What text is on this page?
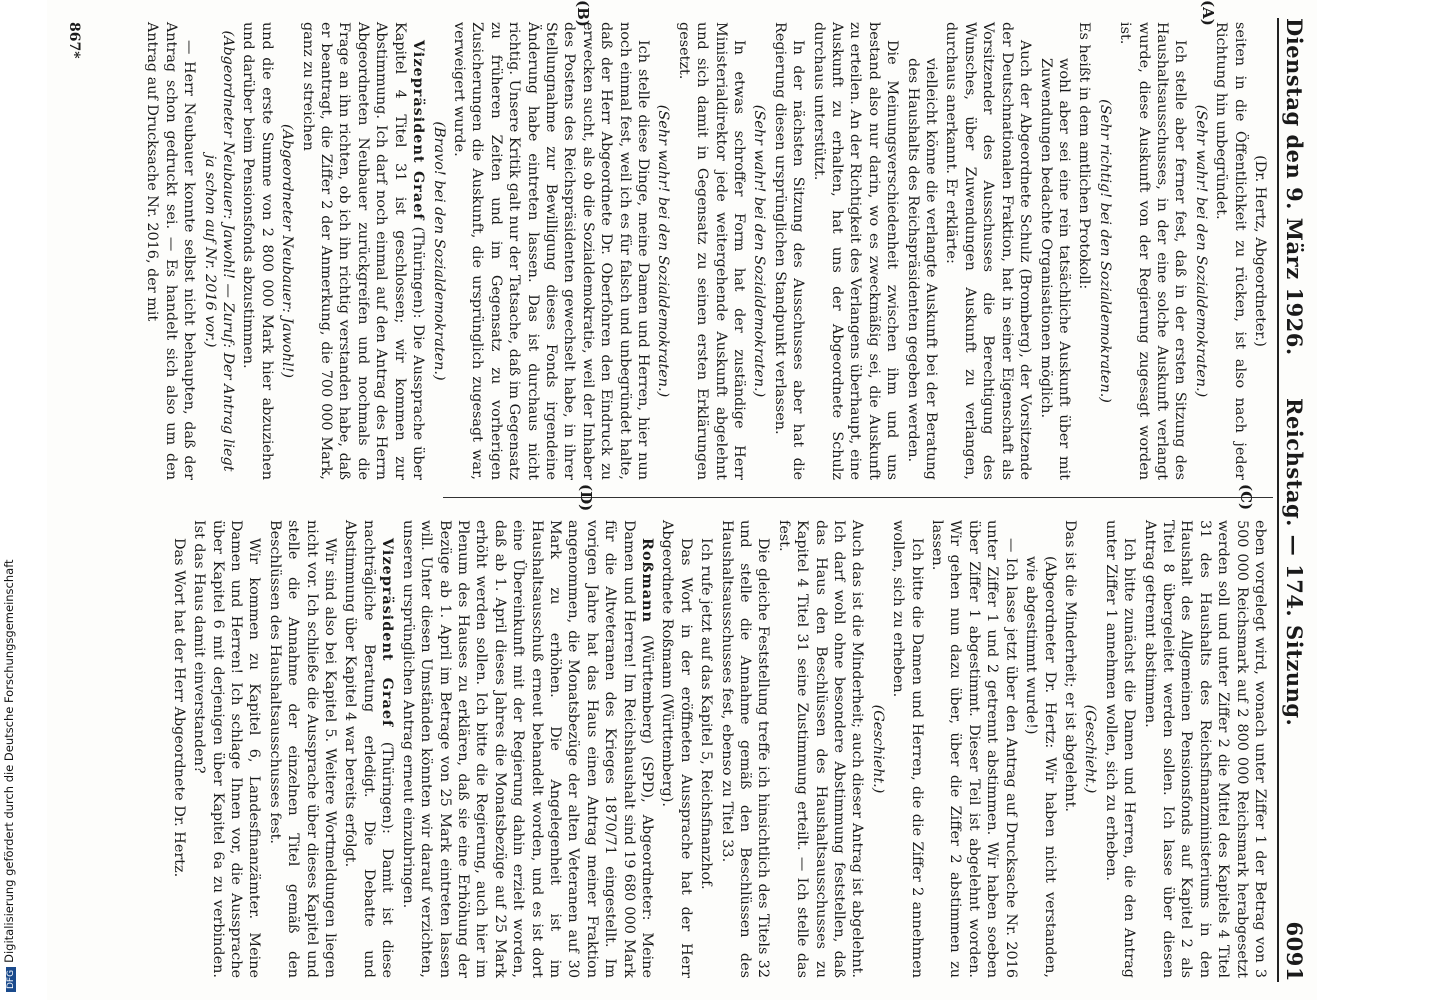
DFGDigitalisierung gefördert durch die Deutsche Forschungsgemeinschaft
Dienstag den 9. März 1926.
Reichstag. — 174. Sitzung.
6091
(C)
(A)
(D)
(B)

(Dr. Hertz, Abgeordneter.)

seiten in die Öffentlichkeit zu rücken, ist also nach jeder Richtung hin unbegründet.

(Sehr wahr! bei den Sozialdemokraten.)

Ich stelle aber ferner fest, daß in der ersten Sitzung des Haushaltsausschusses, in der eine solche Auskunft verlangt wurde, diese Auskunft von der Regierung zugesagt worden ist.

(Sehr richtig! bei den Sozialdemokraten.)

Es heißt in dem amtlichen Protokoll:

wohl aber sei eine rein tatsächliche Auskunft über mit Zuwendungen bedachte Organisationen möglich.

Auch der Abgeordnete Schulz (Bromberg), der Vorsitzende der Deutschnationalen Fraktion, hat in seiner Eigenschaft als Vorsitzender des Ausschusses die Berechtigung des Wunsches, über Zuwendungen Auskunft zu verlangen, durchaus anerkannt. Er erklärte:

vielleicht könne die verlangte Auskunft bei der Beratung des Haushalts des Reichspräsidenten gegeben werden.

Die Meinungsverschiedenheit zwischen ihm und uns bestand also nur darin, wo es zweckmäßig sei, die Auskunft zu erteilen. An der Richtigkeit des Verlangens überhaupt, eine Auskunft zu erhalten, hat uns der Abgeordnete Schulz durchaus unterstützt.

In der nächsten Sitzung des Ausschusses aber hat die Regierung diesen ursprünglichen Standpunkt verlassen.

(Sehr wahr! bei den Sozialdemokraten.)

In etwas schroffer Form hat der zuständige Herr Ministerialdirektor jede weitergehende Auskunft abgelehnt und sich damit in Gegensatz zu seinen ersten Erklärungen gesetzt.

(Sehr wahr! bei den Sozialdemokraten.)

Ich stelle diese Dinge, meine Damen und Herren, hier nun noch einmal fest, weil ich es für falsch und unbegründet halte, daß der Herr Abgeordnete Dr. Oberfohren den Eindruck zu erwecken sucht, als ob die Sozialdemokratie, weil der Inhaber des Postens des Reichspräsidenten gewechselt habe, in ihrer Stellungnahme zur Bewilligung dieses Fonds irgendeine Änderung habe eintreten lassen. Das ist durchaus nicht richtig. Unsere Kritik galt nur der Tatsache, daß im Gegensatz zu früheren Zeiten und im Gegensatz zu vorherigen Zusicherungen die Auskunft, die ursprünglich zugesagt war, verweigert wurde.

(Bravo! bei den Sozialdemokraten.)

Vizepräsident Graef (Thüringen): Die Aussprache über Kapitel 4 Titel 31 ist geschlossen; wir kommen zur Abstimmung. Ich darf noch einmal auf den Antrag des Herrn Abgeordneten Neubauer zurückgreifen und nochmals die Frage an ihn richten, ob ich ihn richtig verstanden habe, daß er beantragt, die Ziffer 2 der Anmerkung, die 700 000 Mark, ganz zu streichen

(Abgeordneter Neubauer: Jawohl!)

und die erste Summe von 2 800 000 Mark hier abzuziehen und darüber beim Pensionsfonds abzustimmen.

(Abgeordneter Neubauer: Jawohl! — Zuruf: Der Antrag liegt ja schon auf Nr. 2016 vor.)

— Herr Neubauer konnte selbst nicht behaupten, daß der Antrag schon gedruckt sei. — Es handelt sich also um den Antrag auf Drucksache Nr. 2016, der mit

eben vorgelegt wird, wonach unter Ziffer 1 der Betrag von 3 500 000 Reichsmark auf 2 800 000 Reichsmark herabgesetzt werden soll und unter Ziffer 2 die Mittel des Kapitels 4 Titel 31 des Haushalts des Reichsfinanzministeriums in den Haushalt des Allgemeinen Pensionsfonds auf Kapitel 2 als Titel 8 übergeleitet werden sollen. Ich lasse über diesen Antrag getrennt abstimmen.

Ich bitte zunächst die Damen und Herren, die den Antrag unter Ziffer 1 annehmen wollen, sich zu erheben.

(Geschieht.)

Das ist die Minderheit; er ist abgelehnt.

(Abgeordneter Dr. Hertz: Wir haben nicht verstanden, wie abgestimmt wurde!)

— Ich lasse jetzt über den Antrag auf Drucksache Nr. 2016 unter Ziffer 1 und 2 getrennt abstimmen. Wir haben soeben über Ziffer 1 abgestimmt. Dieser Teil ist abgelehnt worden. Wir gehen nun dazu über, über die Ziffer 2 abstimmen zu lassen.

Ich bitte die Damen und Herren, die die Ziffer 2 annehmen wollen, sich zu erheben.

(Geschieht.)

Auch das ist die Minderheit; auch dieser Antrag ist abgelehnt. Ich darf wohl ohne besondere Abstimmung feststellen, daß das Haus den Beschlüssen des Haushaltsausschusses zu Kapitel 4 Titel 31 seine Zustimmung erteilt. — Ich stelle das fest.

Die gleiche Feststellung treffe ich hinsichtlich des Titels 32 und stelle die Annahme gemäß den Beschlüssen des Haushaltsausschusses fest, ebenso zu Titel 33.

Ich rufe jetzt auf das Kapitel 5, Reichsfinanzhof.

Das Wort in der eröffneten Aussprache hat der Herr Abgeordnete Roßmann (Württemberg).

Roßmann (Württemberg) (SPD), Abgeordneter: Meine Damen und Herren! Im Reichshaushalt sind 19 680 000 Mark für die Altveteranen des Krieges 1870/71 eingestellt. Im vorigen Jahre hat das Haus einen Antrag meiner Fraktion angenommen, die Monatsbezüge der alten Veteranen auf 30 Mark zu erhöhen. Die Angelegenheit ist im Haushaltsausschuß erneut behandelt worden, und es ist dort eine Übereinkunft mit der Regierung dahin erzielt worden, daß ab 1. April dieses Jahres die Monatsbezüge auf 25 Mark erhöht werden sollen. Ich bitte die Regierung, auch hier im Plenum des Hauses zu erklären, daß sie eine Erhöhung der Bezüge ab 1. April im Betrage von 25 Mark eintreten lassen will. Unter diesen Umständen könnten wir darauf verzichten, unseren ursprünglichen Antrag erneut einzubringen.

Vizepräsident Graef (Thüringen): Damit ist diese nachträgliche Beratung erledigt. Die Debatte und Abstimmung über Kapitel 4 war bereits erfolgt.

Wir sind also bei Kapitel 5. Weitere Wortmeldungen liegen nicht vor. Ich schließe die Aussprache über dieses Kapitel und stelle die Annahme der einzelnen Titel gemäß den Beschlüssen des Haushaltsausschusses fest.

Wir kommen zu Kapitel 6, Landesfinanzämter. Meine Damen und Herren! Ich schlage Ihnen vor, die Aussprache über Kapitel 6 mit derjenigen über Kapitel 6a zu verbinden. Ist das Haus damit einverstanden?

Das Wort hat der Herr Abgeordnete Dr. Hertz.

867*
